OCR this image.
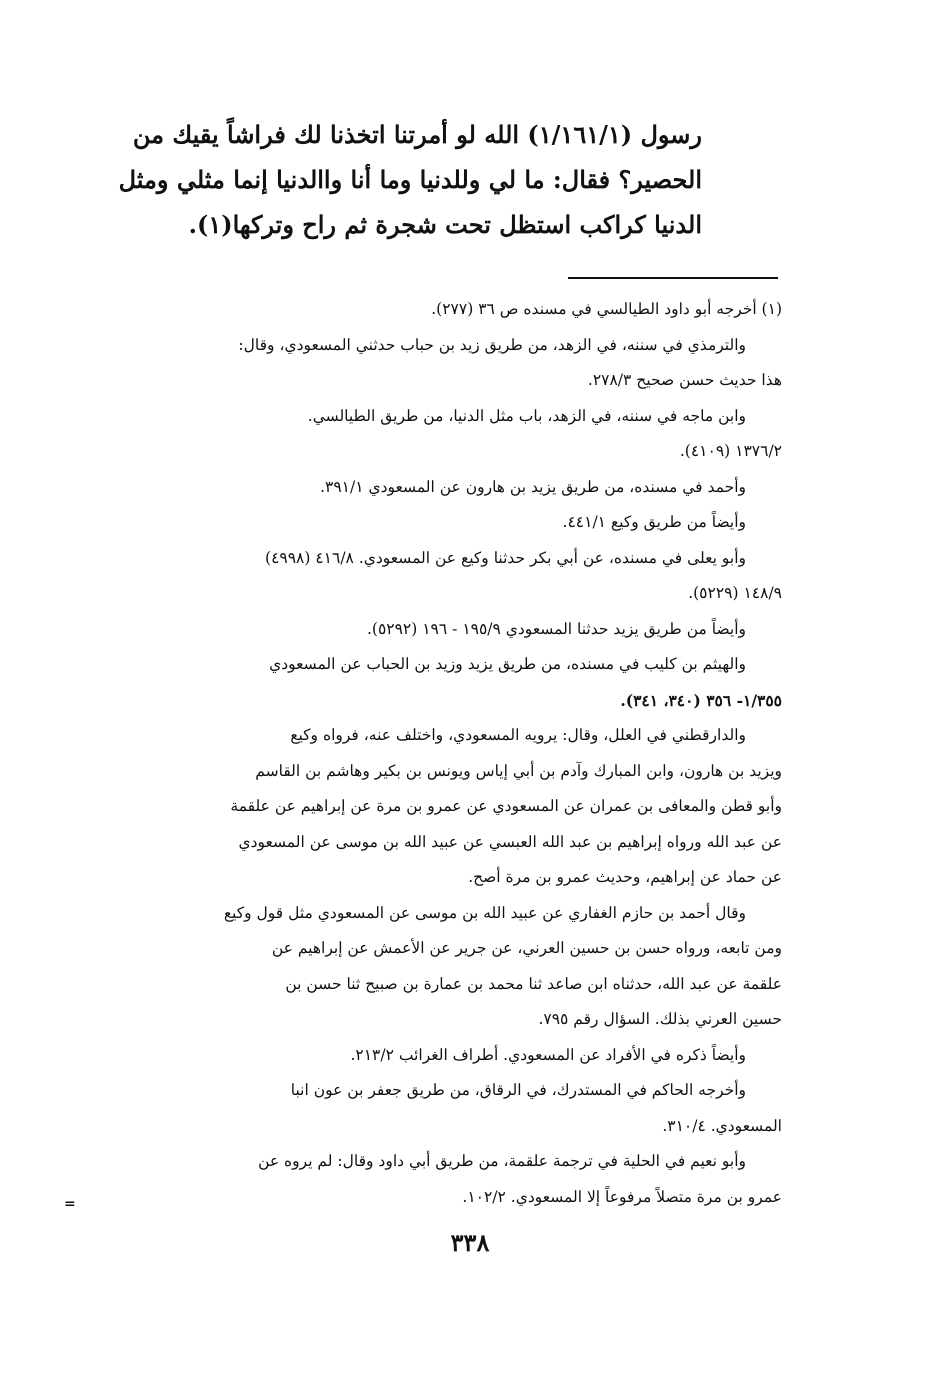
رسول (١/١٦١/١) الله لو أمرتنا اتخذنا لك فراشاً يقيك من

الحصير؟ فقال: ما لي وللدنيا وما أنا واالدنيا إنما مثلي ومثل

الدنيا كراكب استظل تحت شجرة ثم راح وتركها(١).

(١) أخرجه أبو داود الطيالسي في مسنده ص ٣٦ (٢٧٧).
والترمذي في سننه، في الزهد، من طريق زيد بن حباب حدثني المسعودي، وقال:
هذا حديث حسن صحيح ٢٧٨/٣.
وابن ماجه في سننه، في الزهد، باب مثل الدنيا، من طريق الطيالسي.
١٣٧٦/٢ (٤١٠٩).
وأحمد في مسنده، من طريق يزيد بن هارون عن المسعودي ٣٩١/١.
وأيضاً من طريق وكيع ٤٤١/١.
وأبو يعلى في مسنده، عن أبي بكر حدثنا وكيع عن المسعودي. ٤١٦/٨ (٤٩٩٨)
١٤٨/٩ (٥٢٢٩).
وأيضاً من طريق يزيد حدثنا المسعودي ١٩٥/٩ - ١٩٦ (٥٢٩٢).
والهيثم بن كليب في مسنده، من طريق يزيد وزيد بن الحباب عن المسعودي
١/٣٥٥- ٣٥٦ (٣٤٠، ٣٤١).
والدارقطني في العلل، وقال: يرويه المسعودي، واختلف عنه، فرواه وكيع
ويزيد بن هارون، وابن المبارك وآدم بن أبي إياس ويونس بن بكير وهاشم بن القاسم
وأبو قطن والمعافى بن عمران عن المسعودي عن عمرو بن مرة عن إبراهيم عن علقمة
عن عبد الله ورواه إبراهيم بن عبد الله العبسي عن عبيد الله بن موسى عن المسعودي
عن حماد عن إبراهيم، وحديث عمرو بن مرة أصح.
وقال أحمد بن حازم الغفاري عن عبيد الله بن موسى عن المسعودي مثل قول وكيع
ومن تابعه، ورواه حسن بن حسين العرني، عن جرير عن الأعمش عن إبراهيم عن
علقمة عن عبد الله، حدثناه ابن صاعد ثنا محمد بن عمارة بن صبيح ثنا حسن بن
حسين العرني بذلك. السؤال رقم ٧٩٥.
وأيضاً ذكره في الأفراد عن المسعودي. أطراف الغرائب ٢١٣/٢.
وأخرجه الحاكم في المستدرك، في الرقاق، من طريق جعفر بن عون انبا
المسعودي. ٣١٠/٤.
وأبو نعيم في الحلية في ترجمة علقمة، من طريق أبي داود وقال: لم يروه عن
عمرو بن مرة متصلاً مرفوعاً إلا المسعودي. ١٠٢/٢.
=
٣٣٨
